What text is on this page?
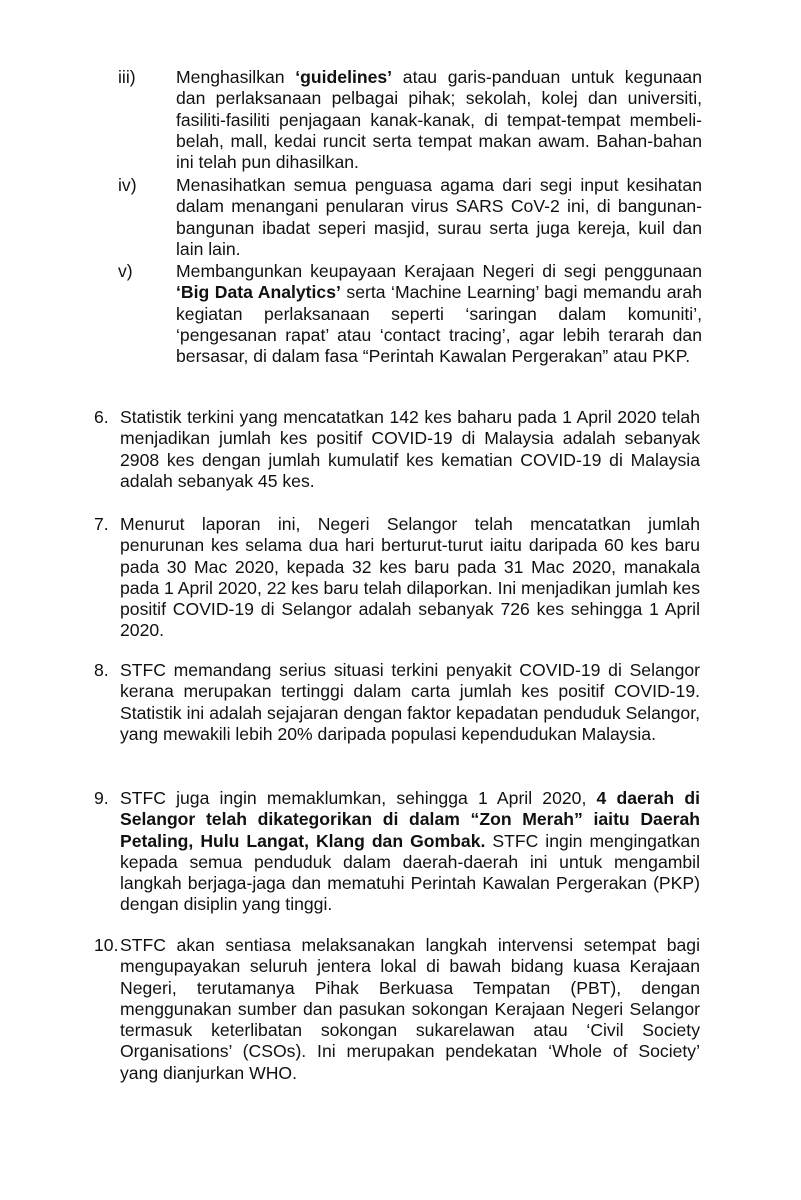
iii) Menghasilkan ‘guidelines’ atau garis-panduan untuk kegunaan dan perlaksanaan pelbagai pihak; sekolah, kolej dan universiti, fasiliti-fasiliti penjagaan kanak-kanak, di tempat-tempat membeli-belah, mall, kedai runcit serta tempat makan awam. Bahan-bahan ini telah pun dihasilkan.
iv) Menasihatkan semua penguasa agama dari segi input kesihatan dalam menangani penularan virus SARS CoV-2 ini, di bangunan-bangunan ibadat seperi masjid, surau serta juga kereja, kuil dan lain lain.
v) Membangunkan keupayaan Kerajaan Negeri di segi penggunaan ‘Big Data Analytics’ serta ‘Machine Learning’ bagi memandu arah kegiatan perlaksanaan seperti ‘saringan dalam komuniti’, ‘pengesanan rapat’ atau ‘contact tracing’, agar lebih terarah dan bersasar, di dalam fasa “Perintah Kawalan Pergerakan” atau PKP.
6. Statistik terkini yang mencatatkan 142 kes baharu pada 1 April 2020 telah menjadikan jumlah kes positif COVID-19 di Malaysia adalah sebanyak 2908 kes dengan jumlah kumulatif kes kematian COVID-19 di Malaysia adalah sebanyak 45 kes.
7. Menurut laporan ini, Negeri Selangor telah mencatatkan jumlah penurunan kes selama dua hari berturut-turut iaitu daripada 60 kes baru pada 30 Mac 2020, kepada 32 kes baru pada 31 Mac 2020, manakala pada 1 April 2020, 22 kes baru telah dilaporkan. Ini menjadikan jumlah kes positif COVID-19 di Selangor adalah sebanyak 726 kes sehingga 1 April 2020.
8. STFC memandang serius situasi terkini penyakit COVID-19 di Selangor kerana merupakan tertinggi dalam carta jumlah kes positif COVID-19. Statistik ini adalah sejajaran dengan faktor kepadatan penduduk Selangor, yang mewakili lebih 20% daripada populasi kependudukan Malaysia.
9. STFC juga ingin memaklumkan, sehingga 1 April 2020, 4 daerah di Selangor telah dikategorikan di dalam “Zon Merah” iaitu Daerah Petaling, Hulu Langat, Klang dan Gombak. STFC ingin mengingatkan kepada semua penduduk dalam daerah-daerah ini untuk mengambil langkah berjaga-jaga dan mematuhi Perintah Kawalan Pergerakan (PKP) dengan disiplin yang tinggi.
10. STFC akan sentiasa melaksanakan langkah intervensi setempat bagi mengupayakan seluruh jentera lokal di bawah bidang kuasa Kerajaan Negeri, terutamanya Pihak Berkuasa Tempatan (PBT), dengan menggunakan sumber dan pasukan sokongan Kerajaan Negeri Selangor termasuk keterlibatan sokongan sukarelawan atau ‘Civil Society Organisations’ (CSOs). Ini merupakan pendekatan ‘Whole of Society’ yang dianjurkan WHO.
